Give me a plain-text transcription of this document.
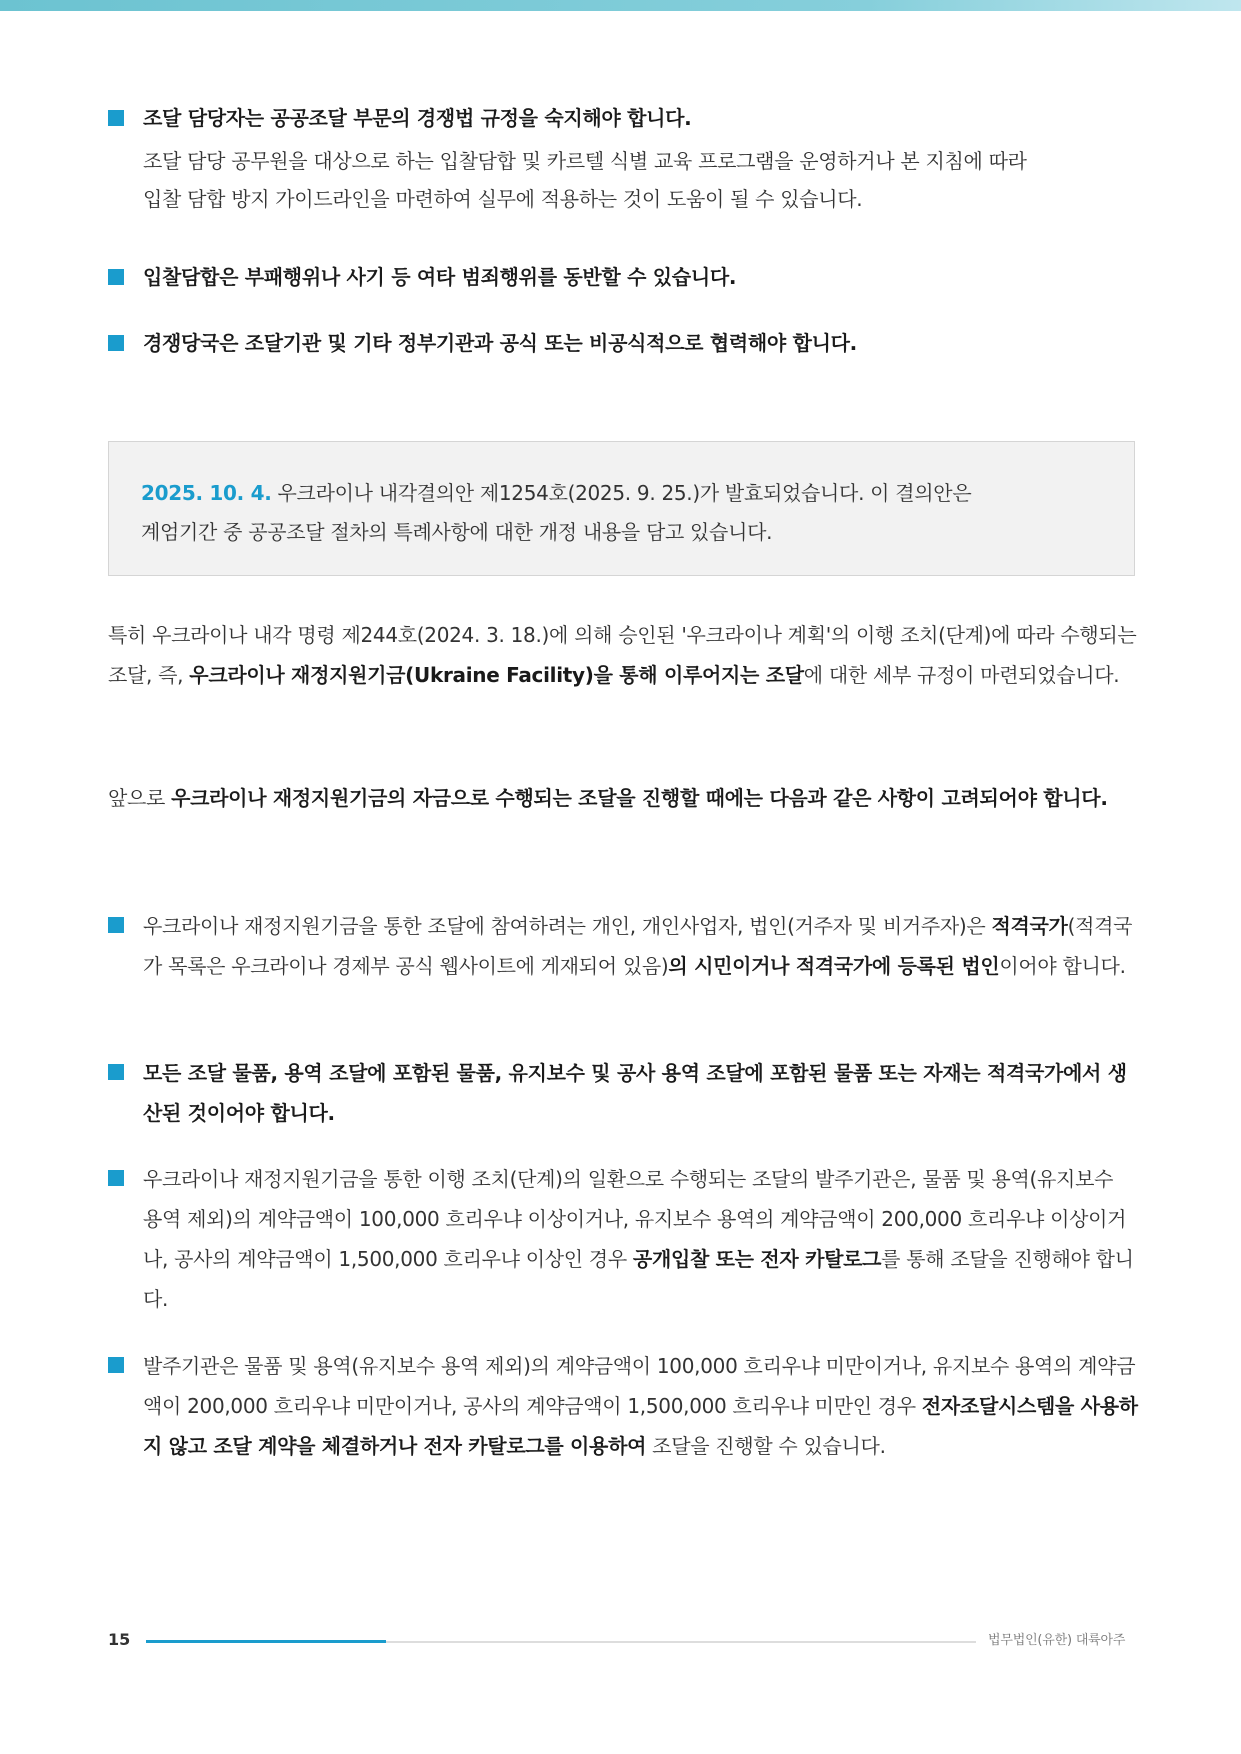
조달 담당자는 공공조달 부문의 경쟁법 규정을 숙지해야 합니다.

조달 담당 공무원을 대상으로 하는 입찰담합 및 카르텔 식별 교육 프로그램을 운영하거나 본 지침에 따라

입찰 담합 방지 가이드라인을 마련하여 실무에 적용하는 것이 도움이 될 수 있습니다.

입찰담합은 부패행위나 사기 등 여타 범죄행위를 동반할 수 있습니다.

경쟁당국은 조달기관 및 기타 정부기관과 공식 또는 비공식적으로 협력해야 합니다.

2025. 10. 4. 우크라이나 내각결의안 제1254호(2025. 9. 25.)가 발효되었습니다. 이 결의안은

계엄기간 중 공공조달 절차의 특례사항에 대한 개정 내용을 담고 있습니다.

특히 우크라이나 내각 명령 제244호(2024. 3. 18.)에 의해 승인된 '우크라이나 계획'의 이행 조치(단계)에 따라 수행되는 조달, 즉, 우크라이나 재정지원기금(Ukraine Facility)을 통해 이루어지는 조달에 대한 세부 규정이 마련되었습니다.

앞으로 우크라이나 재정지원기금의 자금으로 수행되는 조달을 진행할 때에는 다음과 같은 사항이 고려되어야 합니다.

우크라이나 재정지원기금을 통한 조달에 참여하려는 개인, 개인사업자, 법인(거주자 및 비거주자)은 적격국가(적격국가 목록은 우크라이나 경제부 공식 웹사이트에 게재되어 있음)의 시민이거나 적격국가에 등록된 법인이어야 합니다.

모든 조달 물품, 용역 조달에 포함된 물품, 유지보수 및 공사 용역 조달에 포함된 물품 또는 자재는 적격국가에서 생산된 것이어야 합니다.

우크라이나 재정지원기금을 통한 이행 조치(단계)의 일환으로 수행되는 조달의 발주기관은, 물품 및 용역(유지보수 용역 제외)의 계약금액이 100,000 흐리우냐 이상이거나, 유지보수 용역의 계약금액이 200,000 흐리우냐 이상이거나, 공사의 계약금액이 1,500,000 흐리우냐 이상인 경우 공개입찰 또는 전자 카탈로그를 통해 조달을 진행해야 합니다.

발주기관은 물품 및 용역(유지보수 용역 제외)의 계약금액이 100,000 흐리우냐 미만이거나, 유지보수 용역의 계약금액이 200,000 흐리우냐 미만이거나, 공사의 계약금액이 1,500,000 흐리우냐 미만인 경우 전자조달시스템을 사용하지 않고 조달 계약을 체결하거나 전자 카탈로그를 이용하여 조달을 진행할 수 있습니다.

15	법무법인(유한) 대륙아주
